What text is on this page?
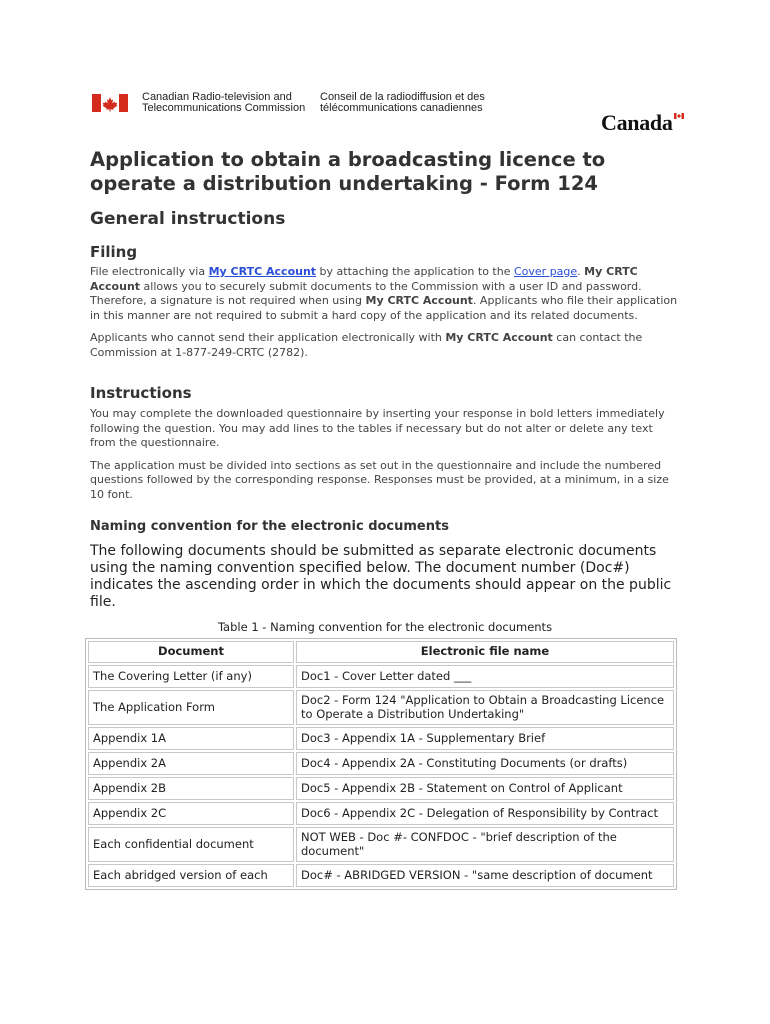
Canadian Radio-television and
Telecommunications Commission
Conseil de la radiodiffusion et des
télécommunications canadiennes
Canada
Application to obtain a broadcasting licence to
operate a distribution undertaking - Form 124
General instructions
Filing

File electronically via My CRTC Account by attaching the application to the Cover page. My CRTC Account allows you to securely submit documents to the Commission with a user ID and password. Therefore, a signature is not required when using My CRTC Account. Applicants who file their application in this manner are not required to submit a hard copy of the application and its related documents.

Applicants who cannot send their application electronically with My CRTC Account can contact the Commission at 1-877-249-CRTC (2782).

Instructions

You may complete the downloaded questionnaire by inserting your response in bold letters immediately following the question. You may add lines to the tables if necessary but do not alter or delete any text from the questionnaire.

The application must be divided into sections as set out in the questionnaire and include the numbered questions followed by the corresponding response. Responses must be provided, at a minimum, in a size 10 font.

Naming convention for the electronic documents

The following documents should be submitted as separate electronic documents using the naming convention specified below. The document number (Doc#) indicates the ascending order in which the documents should appear on the public file.

Table 1 - Naming convention for the electronic documents
Document	Electronic file name
The Covering Letter (if any)	Doc1 - Cover Letter dated ___
The Application Form	Doc2 - Form 124 "Application to Obtain a Broadcasting Licence to Operate a Distribution Undertaking"
Appendix 1A	Doc3 - Appendix 1A - Supplementary Brief
Appendix 2A	Doc4 - Appendix 2A - Constituting Documents (or drafts)
Appendix 2B	Doc5 - Appendix 2B - Statement on Control of Applicant
Appendix 2C	Doc6 - Appendix 2C - Delegation of Responsibility by Contract
Each confidential document	NOT WEB - Doc #- CONFDOC - "brief description of the document"
Each abridged version of each	Doc# - ABRIDGED VERSION - "same description of document
